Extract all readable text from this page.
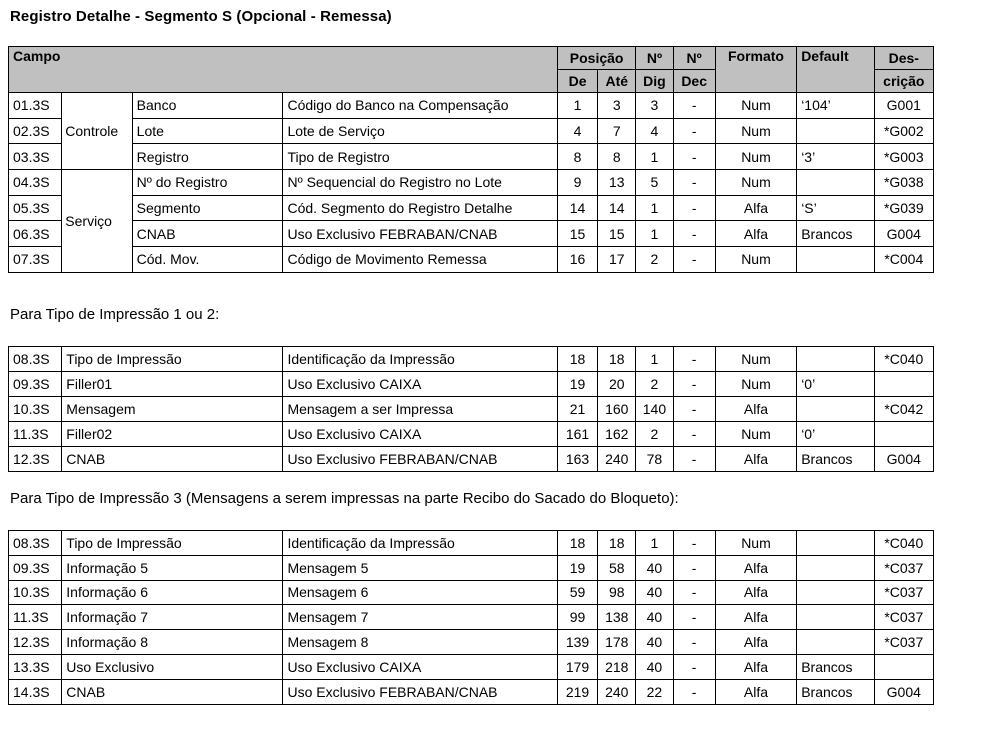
Registro Detalhe - Segmento S (Opcional - Remessa)
Campo				Posição		Nº	Nº	Formato	Default	Des-
				De	Até	Dig	Dec			crição
01.3S	Controle	Banco	Código do Banco na Compensação	1	3	3	-	Num	‘104’	G001
02.3S		Lote	Lote de Serviço	4	7	4	-	Num		*G002
03.3S		Registro	Tipo de Registro	8	8	1	-	Num	‘3’	*G003
04.3S	Serviço	Nº do Registro	Nº Sequencial do Registro no Lote	9	13	5	-	Num		*G038
05.3S		Segmento	Cód. Segmento do Registro Detalhe	14	14	1	-	Alfa	‘S’	*G039
06.3S		CNAB	Uso Exclusivo FEBRABAN/CNAB	15	15	1	-	Alfa	Brancos	G004
07.3S		Cód. Mov.	Código de Movimento Remessa	16	17	2	-	Num		*C004
Para Tipo de Impressão 1 ou 2:
08.3S	Tipo de Impressão	Identificação da Impressão	18	18	1	-	Num		*C040
09.3S	Filler01	Uso Exclusivo CAIXA	19	20	2	-	Num	‘0’	
10.3S	Mensagem	Mensagem a ser Impressa	21	160	140	-	Alfa		*C042
11.3S	Filler02	Uso Exclusivo CAIXA	161	162	2	-	Num	‘0’	
12.3S	CNAB	Uso Exclusivo FEBRABAN/CNAB	163	240	78	-	Alfa	Brancos	G004
Para Tipo de Impressão 3 (Mensagens a serem impressas na parte Recibo do Sacado do Bloqueto):
08.3S	Tipo de Impressão	Identificação da Impressão	18	18	1	-	Num		*C040
09.3S	Informação 5	Mensagem 5	19	58	40	-	Alfa		*C037
10.3S	Informação 6	Mensagem 6	59	98	40	-	Alfa		*C037
11.3S	Informação 7	Mensagem 7	99	138	40	-	Alfa		*C037
12.3S	Informação 8	Mensagem 8	139	178	40	-	Alfa		*C037
13.3S	Uso Exclusivo	Uso Exclusivo CAIXA	179	218	40	-	Alfa	Brancos	
14.3S	CNAB	Uso Exclusivo FEBRABAN/CNAB	219	240	22	-	Alfa	Brancos	G004
